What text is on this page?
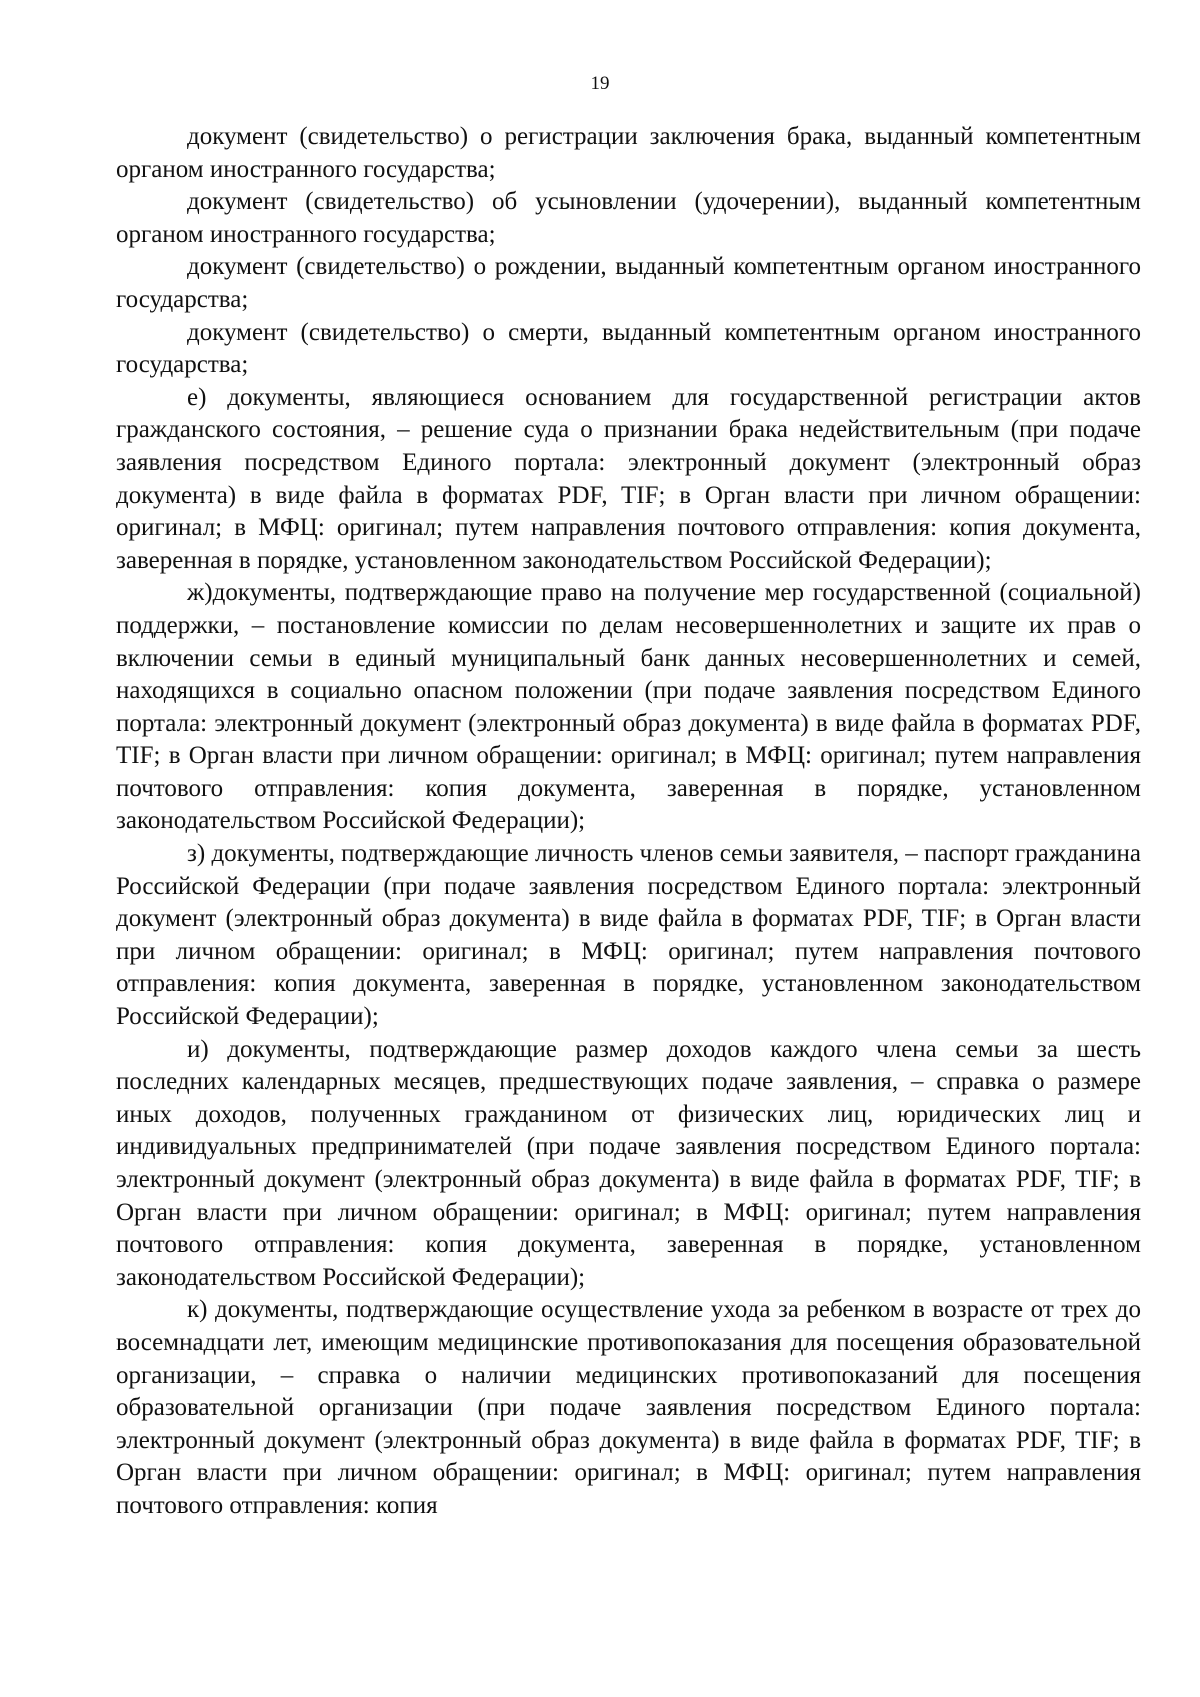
19

документ (свидетельство) о регистрации заключения брака, выданный компетентным органом иностранного государства;

документ (свидетельство) об усыновлении (удочерении), выданный компетентным органом иностранного государства;

документ (свидетельство) о рождении, выданный компетентным органом иностранного государства;

документ (свидетельство) о смерти, выданный компетентным органом иностранного государства;

е) документы, являющиеся основанием для государственной регистрации актов гражданского состояния, – решение суда о признании брака недействительным (при подаче заявления посредством Единого портала: электронный документ (электронный образ документа) в виде файла в форматах PDF, TIF; в Орган власти при личном обращении: оригинал; в МФЦ: оригинал; путем направления почтового отправления: копия документа, заверенная в порядке, установленном законодательством Российской Федерации);

ж)документы, подтверждающие право на получение мер государственной (социальной) поддержки, – постановление комиссии по делам несовершеннолетних и защите их прав о включении семьи в единый муниципальный банк данных несовершеннолетних и семей, находящихся в социально опасном положении (при подаче заявления посредством Единого портала: электронный документ (электронный образ документа) в виде файла в форматах PDF, TIF; в Орган власти при личном обращении: оригинал; в МФЦ: оригинал; путем направления почтового отправления: копия документа, заверенная в порядке, установленном законодательством Российской Федерации);

з) документы, подтверждающие личность членов семьи заявителя, – паспорт гражданина Российской Федерации (при подаче заявления посредством Единого портала: электронный документ (электронный образ документа) в виде файла в форматах PDF, TIF; в Орган власти при личном обращении: оригинал; в МФЦ: оригинал; путем направления почтового отправления: копия документа, заверенная в порядке, установленном законодательством Российской Федерации);

и) документы, подтверждающие размер доходов каждого члена семьи за шесть последних календарных месяцев, предшествующих подаче заявления, – справка о размере иных доходов, полученных гражданином от физических лиц, юридических лиц и индивидуальных предпринимателей (при подаче заявления посредством Единого портала: электронный документ (электронный образ документа) в виде файла в форматах PDF, TIF; в Орган власти при личном обращении: оригинал; в МФЦ: оригинал; путем направления почтового отправления: копия документа, заверенная в порядке, установленном законодательством Российской Федерации);

к) документы, подтверждающие осуществление ухода за ребенком в возрасте от трех до восемнадцати лет, имеющим медицинские противопоказания для посещения образовательной организации, – справка о наличии медицинских противопоказаний для посещения образовательной организации (при подаче заявления посредством Единого портала: электронный документ (электронный образ документа) в виде файла в форматах PDF, TIF; в Орган власти при личном обращении: оригинал; в МФЦ: оригинал; путем направления почтового отправления: копия
